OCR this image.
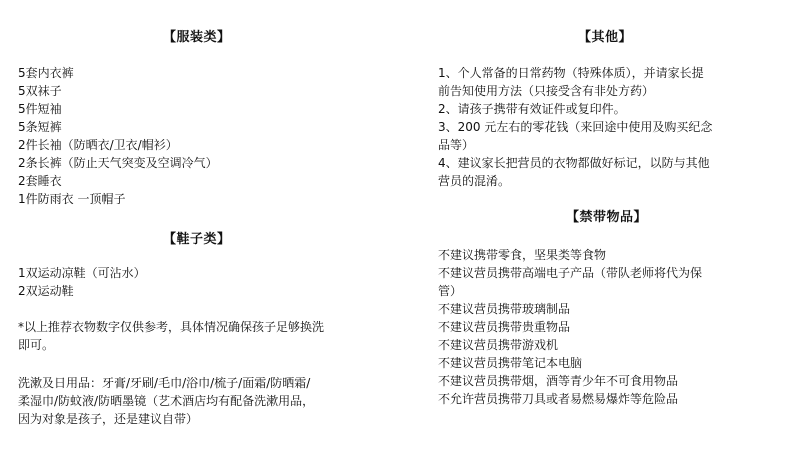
【服装类】
5套内衣裤
5双袜子
5件短袖
5条短裤
2件长袖（防晒衣/卫衣/帽衫）
2条长裤（防止天气突变及空调冷气）
2套睡衣
1件防雨衣 一顶帽子
【鞋子类】
1双运动凉鞋（可沾水）
2双运动鞋
*以上推荐衣物数字仅供参考，具体情况确保孩子足够换洗
即可。
洗漱及日用品：牙膏/牙刷/毛巾/浴巾/梳子/面霜/防晒霜/
柔湿巾/防蚊液/防晒墨镜（艺术酒店均有配备洗漱用品，
因为对象是孩子，还是建议自带）
【其他】
1、个人常备的日常药物（特殊体质），并请家长提
前告知使用方法（只接受含有非处方药）
2、请孩子携带有效证件或复印件。
3、200 元左右的零花钱（来回途中使用及购买纪念
品等）
4、建议家长把营员的衣物都做好标记，以防与其他
营员的混淆。
【禁带物品】
不建议携带零食，坚果类等食物
不建议营员携带高端电子产品（带队老师将代为保
管）
不建议营员携带玻璃制品
不建议营员携带贵重物品
不建议营员携带游戏机
不建议营员携带笔记本电脑
不建议营员携带烟，酒等青少年不可食用物品
不允许营员携带刀具或者易燃易爆炸等危险品
